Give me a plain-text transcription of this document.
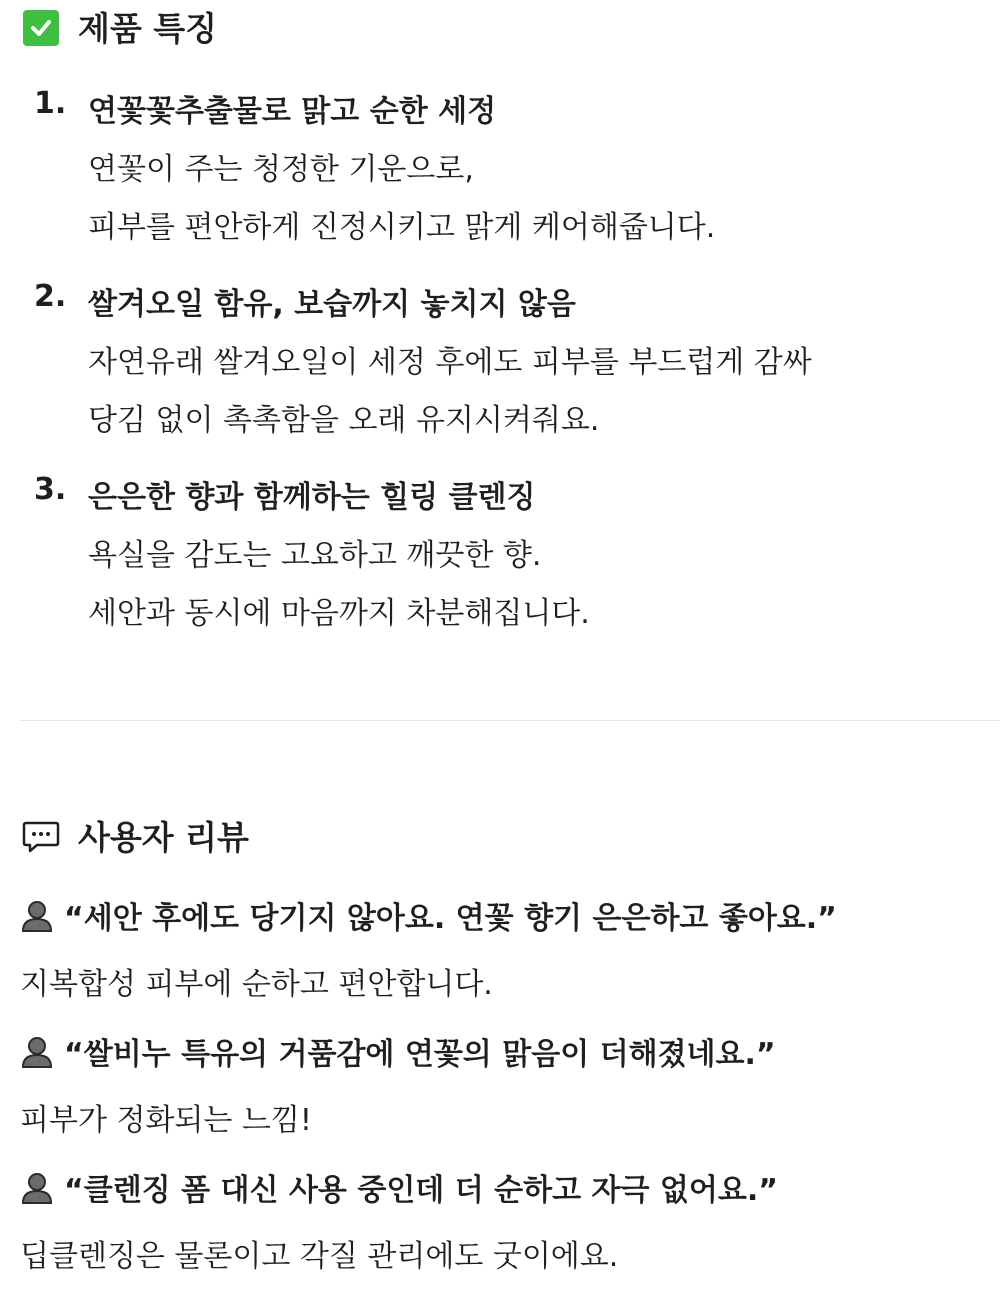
제품 특징
1. 연꽃꽃추출물로 맑고 순한 세정
연꽃이 주는 청정한 기운으로,
피부를 편안하게 진정시키고 맑게 케어해줍니다.
2. 쌀겨오일 함유, 보습까지 놓치지 않음
자연유래 쌀겨오일이 세정 후에도 피부를 부드럽게 감싸
당김 없이 촉촉함을 오래 유지시켜줘요.
3. 은은한 향과 함께하는 힐링 클렌징
욕실을 감도는 고요하고 깨끗한 향.
세안과 동시에 마음까지 차분해집니다.
사용자 리뷰
“세안 후에도 당기지 않아요. 연꽃 향기 은은하고 좋아요.”
지복합성 피부에 순하고 편안합니다.
“쌀비누 특유의 거품감에 연꽃의 맑음이 더해졌네요.”
피부가 정화되는 느낌!
“클렌징 폼 대신 사용 중인데 더 순하고 자극 없어요.”
딥클렌징은 물론이고 각질 관리에도 굿이에요.
